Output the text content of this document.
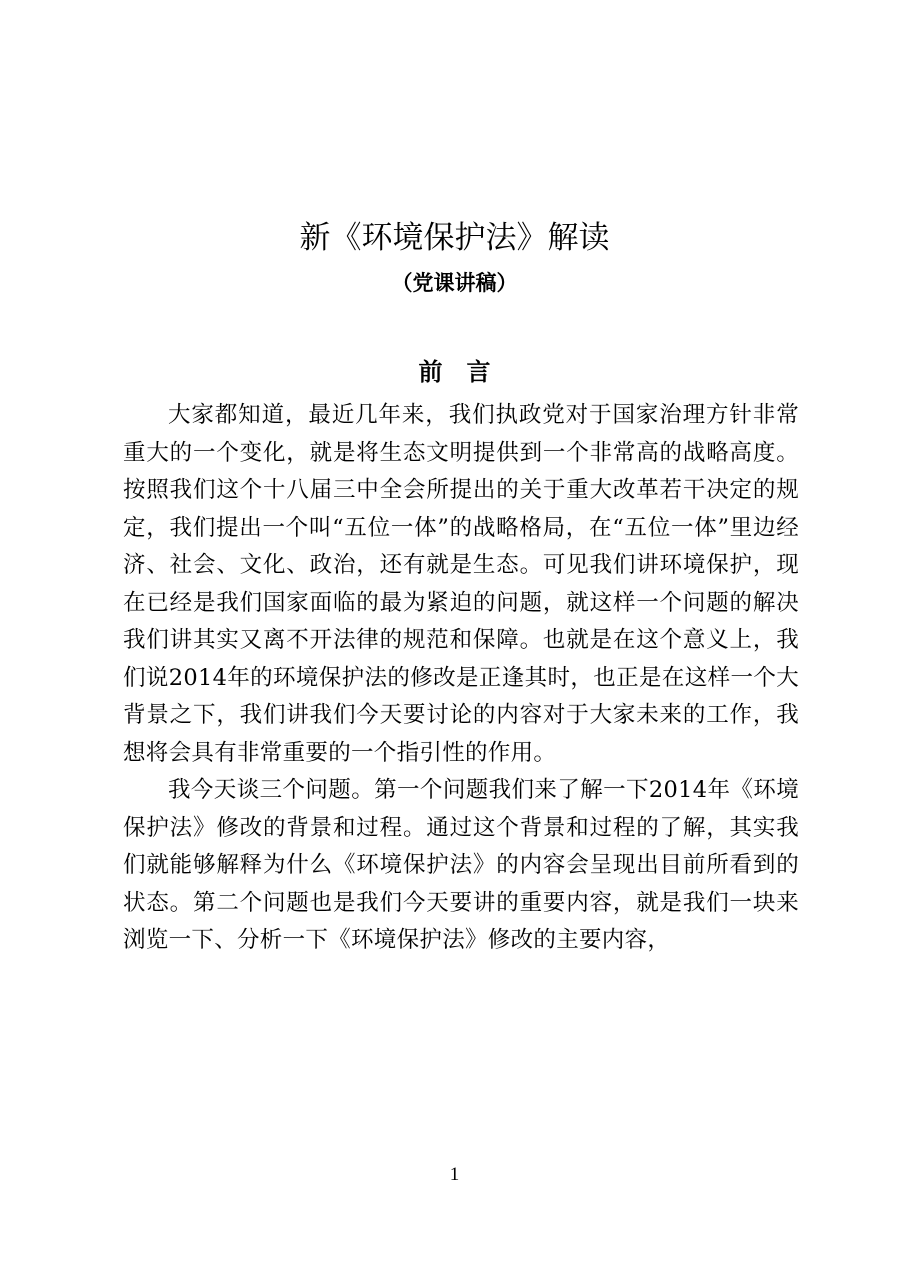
新《环境保护法》解读
（党课讲稿）
前言

大家都知道，最近几年来，我们执政党对于国家治理方针非常重大的一个变化，就是将生态文明提供到一个非常高的战略高度。按照我们这个十八届三中全会所提出的关于重大改革若干决定的规定，我们提出一个叫“五位一体”的战略格局，在“五位一体”里边经济、社会、文化、政治，还有就是生态。可见我们讲环境保护，现在已经是我们国家面临的最为紧迫的问题，就这样一个问题的解决我们讲其实又离不开法律的规范和保障。也就是在这个意义上，我们说2014年的环境保护法的修改是正逢其时，也正是在这样一个大背景之下，我们讲我们今天要讨论的内容对于大家未来的工作，我想将会具有非常重要的一个指引性的作用。

我今天谈三个问题。第一个问题我们来了解一下2014年《环境保护法》修改的背景和过程。通过这个背景和过程的了解，其实我们就能够解释为什么《环境保护法》的内容会呈现出目前所看到的状态。第二个问题也是我们今天要讲的重要内容，就是我们一块来浏览一下、分析一下《环境保护法》修改的主要内容，

1
